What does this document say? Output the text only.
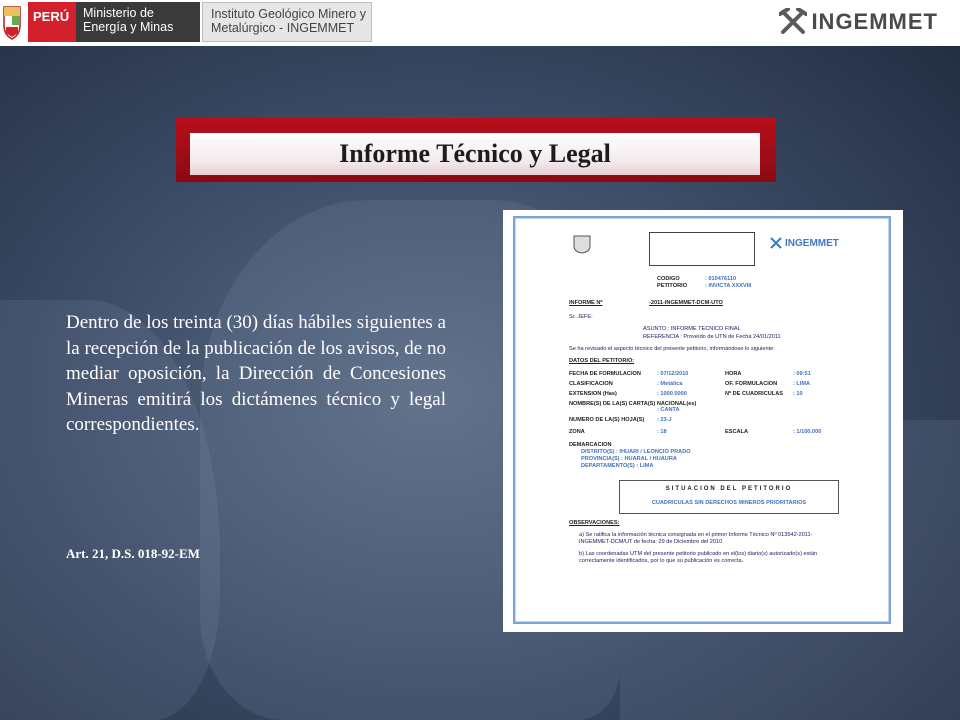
PERÚ	Ministerio de Energía y Minas
Instituto Geológico Minero y Metalúrgico - INGEMMET	INGEMMET
Informe Técnico y Legal
Dentro de los treinta (30) días hábiles siguientes a la recepción de la publicación de los avisos, de no mediar oposición, la Dirección de Concesiones Mineras emitirá los dictámenes técnico y legal correspondientes.
Art. 21, D.S. 018-92-EM
INGEMMET
CODIGO	: 010476110
PETITORIO	: INVICTA XXXVIII
INFORME Nº	-2011-INGEMMET-DCM-UTO
Sr. JEFE:
ASUNTO : INFORME TECNICO FINAL
REFERENCIA : Proveído de UTN de Fecha 24/01/2011
Se ha revisado el aspecto técnico del presente petitorio, informándose lo siguiente:
DATOS DEL PETITORIO:
FECHA DE FORMULACION	: 07/12/2010	HORA	: 09:51
CLASIFICACION	: Metálica	OF. FORMULACION	: LIMA
EXTENSION (Has)	: 1000.0000	Nº DE CUADRICULAS : 10
NOMBRE(S) DE LA(S) CARTA(S) NACIONAL(es)
: CANTA
NUMERO DE LA(S) HOJA(S) : 23-J
ZONA	: 18	ESCALA	: 1/100,000
DEMARCACION
DISTRITO(S) : IHUARI / LEONCIO PRADO
PROVINCIA(S) : HUARAL / HUAURA
DEPARTAMENTO(S) : LIMA
SITUACION DEL PETITORIO
CUADRICULAS SIN DERECHOS MINEROS PRIORITARIOS
OBSERVACIONES:
a) Se ratifica la información técnica consignada en el primer Informe Técnico Nº 013542-2011-INGEMMET-DCM/UT de fecha: 29 de Diciembre del 2010
b) Las coordenadas UTM del presente petitorio publicado en el(los) diario(s) autorizado(s) están correctamente identificados, por lo que su publicación es correcta.
